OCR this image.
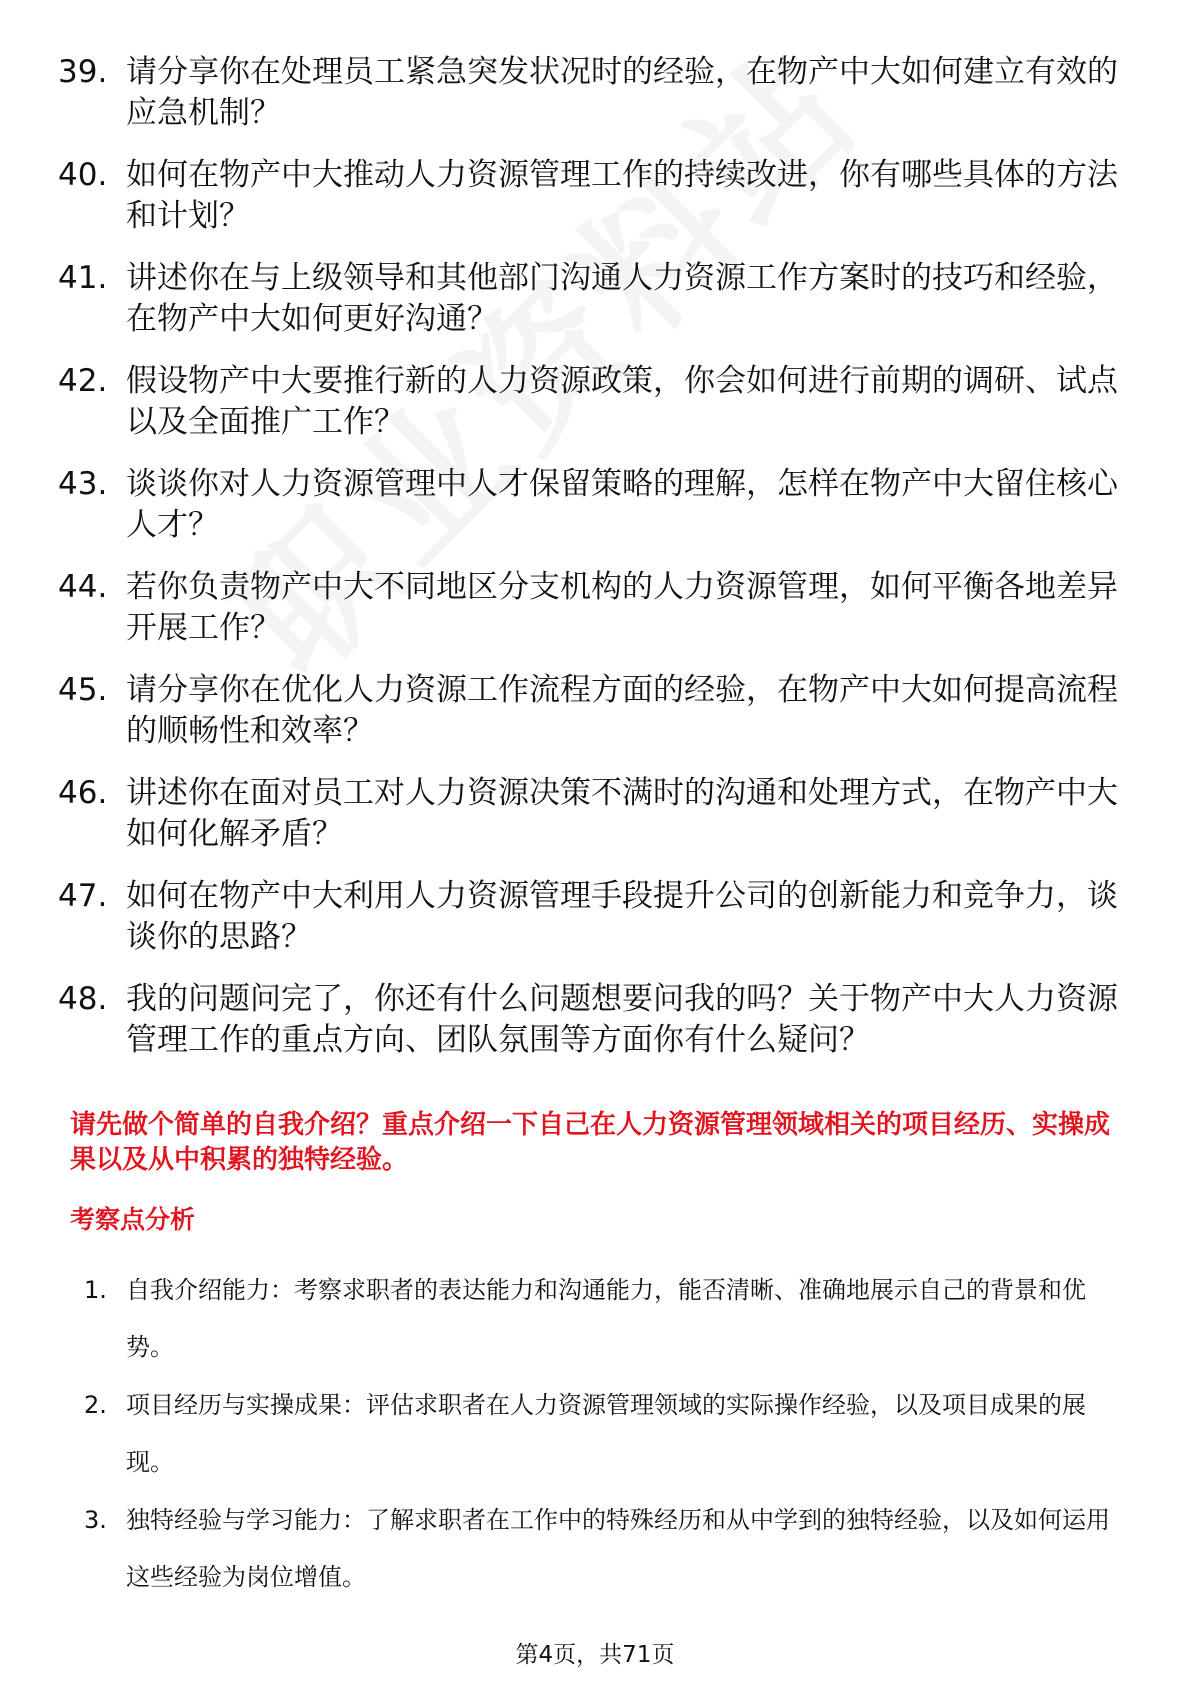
39. 请分享你在处理员工紧急突发状况时的经验，在物产中大如何建立有效的应急机制？
40. 如何在物产中大推动人力资源管理工作的持续改进，你有哪些具体的方法和计划？
41. 讲述你在与上级领导和其他部门沟通人力资源工作方案时的技巧和经验，在物产中大如何更好沟通？
42. 假设物产中大要推行新的人力资源政策，你会如何进行前期的调研、试点以及全面推广工作？
43. 谈谈你对人力资源管理中人才保留策略的理解，怎样在物产中大留住核心人才？
44. 若你负责物产中大不同地区分支机构的人力资源管理，如何平衡各地差异开展工作？
45. 请分享你在优化人力资源工作流程方面的经验，在物产中大如何提高流程的顺畅性和效率？
46. 讲述你在面对员工对人力资源决策不满时的沟通和处理方式，在物产中大如何化解矛盾？
47. 如何在物产中大利用人力资源管理手段提升公司的创新能力和竞争力，谈谈你的思路？
48. 我的问题问完了，你还有什么问题想要问我的吗？关于物产中大人力资源管理工作的重点方向、团队氛围等方面你有什么疑问？

请先做个简单的自我介绍？重点介绍一下自己在人力资源管理领域相关的项目经历、实操成果以及从中积累的独特经验。

考察点分析
1. 自我介绍能力：考察求职者的表达能力和沟通能力，能否清晰、准确地展示自己的背景和优势。
2. 项目经历与实操成果：评估求职者在人力资源管理领域的实际操作经验，以及项目成果的展现。
3. 独特经验与学习能力：了解求职者在工作中的特殊经历和从中学到的独特经验，以及如何运用这些经验为岗位增值。

第4页，共71页
